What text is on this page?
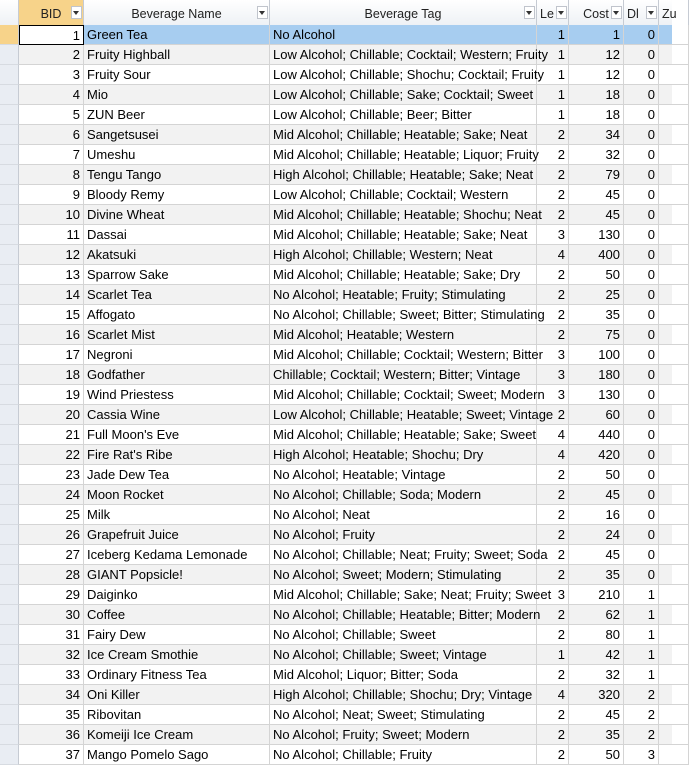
BID	Beverage Name	Beverage Tag	Le	Cost	Dl	Zu
1 Green Tea	No Alcohol	1	1	0
2 Fruity Highball	Low Alcohol; Chillable; Cocktail; Western; Fruity 1	12	0
3 Fruity Sour	Low Alcohol; Chillable; Shochu; Cocktail; Fruity	1	12	0
4 Mio	Low Alcohol; Chillable; Sake; Cocktail; Sweet	1	18	0
5 ZUN Beer	Low Alcohol; Chillable; Beer; Bitter	1	18	0
6 Sangetsusei	Mid Alcohol; Chillable; Heatable; Sake; Neat	2	34	0
7 Umeshu	Mid Alcohol; Chillable; Heatable; Liquor; Fruity	2	32	0
8 Tengu Tango	High Alcohol; Chillable; Heatable; Sake; Neat	2	79	0
9 Bloody Remy	Low Alcohol; Chillable; Cocktail; Western	2	45	0
10 Divine Wheat	Mid Alcohol; Chillable; Heatable; Shochu; Neat	2	45	0
11 Dassai	Mid Alcohol; Chillable; Heatable; Sake; Neat	3	130	0
12 Akatsuki	High Alcohol; Chillable; Western; Neat	4	400	0
13 Sparrow Sake	Mid Alcohol; Chillable; Heatable; Sake; Dry	2	50	0
14 Scarlet Tea	No Alcohol; Heatable; Fruity; Stimulating	2	25	0
15 Affogato	No Alcohol; Chillable; Sweet; Bitter; Stimulating	2	35	0
16 Scarlet Mist	Mid Alcohol; Heatable; Western	2	75	0
17 Negroni	Mid Alcohol; Chillable; Cocktail; Western; Bitter	3	100	0
18 Godfather	Chillable; Cocktail; Western; Bitter; Vintage	3	180	0
19 Wind Priestess	Mid Alcohol; Chillable; Cocktail; Sweet; Modern	3	130	0
20 Cassia Wine	Low Alcohol; Chillable; Heatable; Sweet; Vintage 2	60	0
21 Full Moon's Eve	Mid Alcohol; Chillable; Heatable; Sake; Sweet	4	440	0
22 Fire Rat's Ribe	High Alcohol; Heatable; Shochu; Dry	4	420	0
23 Jade Dew Tea	No Alcohol; Heatable; Vintage	2	50	0
24 Moon Rocket	No Alcohol; Chillable; Soda; Modern	2	45	0
25 Milk	No Alcohol; Neat	2	16	0
26 Grapefruit Juice	No Alcohol; Fruity	2	24	0
27 Iceberg Kedama Lemonade	No Alcohol; Chillable; Neat; Fruity; Sweet; Soda 2	45	0
28 GIANT Popsicle!	No Alcohol; Sweet; Modern; Stimulating	2	35	0
29 Daiginko	Mid Alcohol; Chillable; Sake; Neat; Fruity; Sweet 3	210	1
30 Coffee	No Alcohol; Chillable; Heatable; Bitter; Modern	2	62	1
31 Fairy Dew	No Alcohol; Chillable; Sweet	2	80	1
32 Ice Cream Smothie	No Alcohol; Chillable; Sweet; Vintage	1	42	1
33 Ordinary Fitness Tea	Mid Alcohol; Liquor; Bitter; Soda	2	32	1
34 Oni Killer	High Alcohol; Chillable; Shochu; Dry; Vintage	4	320	2
35 Ribovitan	No Alcohol; Neat; Sweet; Stimulating	2	45	2
36 Komeiji Ice Cream	No Alcohol; Fruity; Sweet; Modern	2	35	2
37 Mango Pomelo Sago	No Alcohol; Chillable; Fruity	2	50	3
